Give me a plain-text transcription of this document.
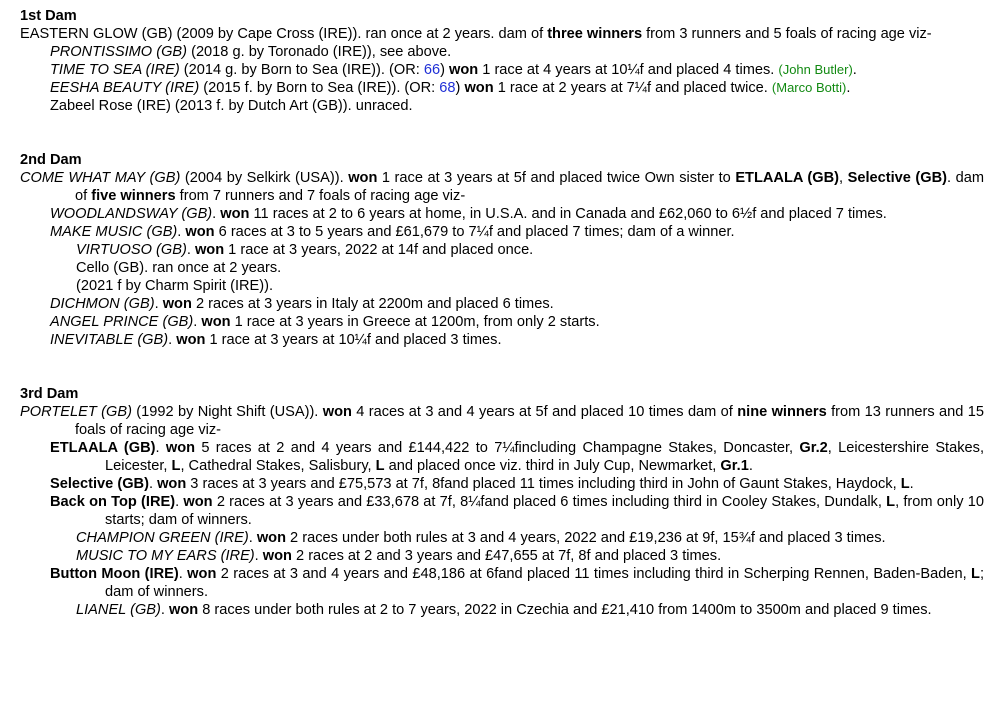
1st Dam
EASTERN GLOW (GB) (2009 by Cape Cross (IRE)). ran once at 2 years. dam of three winners from 3 runners and 5 foals of racing age viz-
PRONTISSIMO (GB) (2018 g. by Toronado (IRE)), see above.
TIME TO SEA (IRE) (2014 g. by Born to Sea (IRE)). (OR: 66) won 1 race at 4 years at 10¼f and placed 4 times. (John Butler).
EESHA BEAUTY (IRE) (2015 f. by Born to Sea (IRE)). (OR: 68) won 1 race at 2 years at 7¼f and placed twice. (Marco Botti).
Zabeel Rose (IRE) (2013 f. by Dutch Art (GB)). unraced.
2nd Dam
COME WHAT MAY (GB) (2004 by Selkirk (USA)). won 1 race at 3 years at 5f and placed twice Own sister to ETLAALA (GB), Selective (GB). dam of five winners from 7 runners and 7 foals of racing age viz-
WOODLANDSWAY (GB). won 11 races at 2 to 6 years at home, in U.S.A. and in Canada and £62,060 to 6½f and placed 7 times.
MAKE MUSIC (GB). won 6 races at 3 to 5 years and £61,679 to 7¼f and placed 7 times; dam of a winner.
VIRTUOSO (GB). won 1 race at 3 years, 2022 at 14f and placed once.
Cello (GB). ran once at 2 years.
(2021 f by Charm Spirit (IRE)).
DICHMON (GB). won 2 races at 3 years in Italy at 2200m and placed 6 times.
ANGEL PRINCE (GB). won 1 race at 3 years in Greece at 1200m, from only 2 starts.
INEVITABLE (GB). won 1 race at 3 years at 10¼f and placed 3 times.
3rd Dam
PORTELET (GB) (1992 by Night Shift (USA)). won 4 races at 3 and 4 years at 5f and placed 10 times dam of nine winners from 13 runners and 15 foals of racing age viz-
ETLAALA (GB). won 5 races at 2 and 4 years and £144,422 to 7¼fincluding Champagne Stakes, Doncaster, Gr.2, Leicestershire Stakes, Leicester, L, Cathedral Stakes, Salisbury, L and placed once viz. third in July Cup, Newmarket, Gr.1.
Selective (GB). won 3 races at 3 years and £75,573 at 7f, 8fand placed 11 times including third in John of Gaunt Stakes, Haydock, L.
Back on Top (IRE). won 2 races at 3 years and £33,678 at 7f, 8¼fand placed 6 times including third in Cooley Stakes, Dundalk, L, from only 10 starts; dam of winners.
CHAMPION GREEN (IRE). won 2 races under both rules at 3 and 4 years, 2022 and £19,236 at 9f, 15¾f and placed 3 times.
MUSIC TO MY EARS (IRE). won 2 races at 2 and 3 years and £47,655 at 7f, 8f and placed 3 times.
Button Moon (IRE). won 2 races at 3 and 4 years and £48,186 at 6fand placed 11 times including third in Scherping Rennen, Baden-Baden, L; dam of winners.
LIANEL (GB). won 8 races under both rules at 2 to 7 years, 2022 in Czechia and £21,410 from 1400m to 3500m and placed 9 times.
